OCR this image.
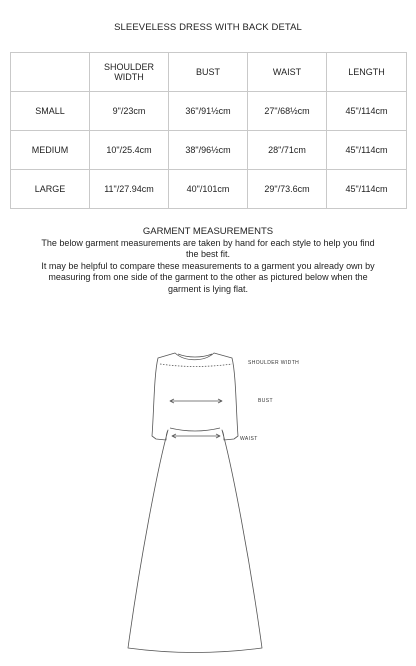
SLEEVELESS DRESS WITH BACK DETAL
	SHOULDER WIDTH	BUST	WAIST	LENGTH
SMALL	9"/23cm	36"/91½cm	27"/68½cm	45"/114cm
MEDIUM	10"/25.4cm	38"/96½cm	28"/71cm	45"/114cm
LARGE	11"/27.94cm	40"/101cm	29"/73.6cm	45"/114cm
GARMENT MEASUREMENTS
The below garment measurements are taken by hand for each style to help you find the best fit.
It may be helpful to compare these measurements to a garment you already own by measuring from one side of the garment to the other as pictured below when the garment is lying flat.
SHOULDER WIDTH
BUST
WAIST
